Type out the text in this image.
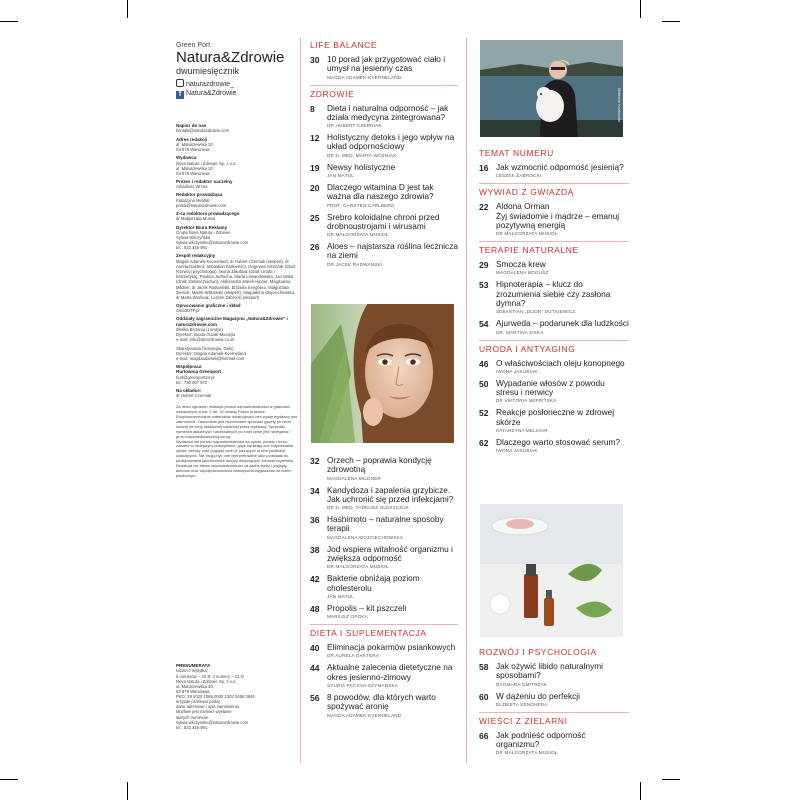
Green Port
Natura&Zdrowie
dwumiesięcznik
naturazdrowie_
f Natura&Zdrowie
Napisz do nas
kontakt@naturazdrowie.com
Adres redakcji
ul. Matuszewska 20
03-876 Warszawa
Wydawca
Nova Natura i Zdrowie Sp. z o.o.
ul. Matuszewska 20
03-876 Warszawa
Prezes i redaktor naczelny
Arkadiusz Wrzos
Redaktor prowadząca
Katarzyna Melihar
portal@naturazdrowie.com
Z-ca redaktora prowadzącego
dr Małgorzata Musioł
Dyrektor Biura Reklamy
Grupa Nova Natura i Zdrowie
Sylwia Wilczyńska
sylwia.wilczynska@naturazdrowie.com
tel.: 533 315 991
Zespół redakcyjny
Magda Adamek-Kverneland, dr Hubert Czerniak (ekspert), dr Aurela Daktera, Sebastian Dutkiewicz, Dagmara Gmitrzak (dział: Rozwój i psychologia), Iwona Jakubiak (dział: Uroda i kosmetyka), Paulina Jędrocha, Marta Lewandowska, Jan Matul (dział: Zielolecznictwo), Aleksandra Marek-Hipner, Magdalena Mildner, dr Jacek Radwański, Elżbieta Senghera, Małgorzata Zieniuk, Marek Witkowski (ekspert), Magdalena Wojciechowska, dr Marta Woźniak, Leszek Zabrocki (ekspert)
Opracowanie graficzne i skład
SmartDTP.pl
Oddziały zagraniczne Magazynu „Natura&Zdrowie” i naturazdrowie.com
Wielka Brytania (Londyn)
Dyrektor: Beata Guzak-Maciejia
e-mail: info@domzdrowia.co.uk
Skandynawia (Norwegia, Oslo)
Dyrektor: Magda Adamek-Kverneland
e-mail: magdaadamek@hotmail.com
Współpraca
Hurtownia Greenport
hurt@greenport24.pl
tel.: 730 007 872
Na okładce:
dr Hubert Czerniak
Za treści ogłoszeń redakcja ponosi odpowiedzialności w granicach wskazanych w ust. 2 art. 42 ustawy Prawo prasowe. Rozpowszechnianie materiałów redakcyjnych bez zgody wydawcy jest zabronione. Zabronione jest bezumowne sprzedaż gazety po cenie niższej od ceny detalicznej ustalonej przez wydawcę. Sprzedaż numerów aktualnych i archiwalnych po innej cenie jest nielegalna i grozi odpowiedzialnością karną.
Wydawca nie ponosi odpowiedzialności za opinie, porady i treści zawarte w niniejszym czasopiśmie, gdyż wyrażają one indywidualne opinie, wiedzę oraz poglądy osób je piszących w celu publikacji czasopisma. Nie mogą być one interpretowane jako podstawa do podejmowania jakichkolwiek decyzji dotyczących zdrowia czytelnika.
Redakcja nie bierze odpowiedzialności za żadne treści i poglądy autorów oraz współpracowników czasopisma wygłaszane na forum publicznym.
PRENUMERATA
razem z wysyłką:
6 numerów – 42 zł, 3 numery – 21 zł
Nova Natura i Zdrowie Sp. z o.o.
ul. Matuszewska 20,
03-876 Warszawa
PKO: 29 1020 1068 0000 1302 0466 3649
w tytule przelewu podaj
dane adresowe i opis zamówienia.
Możliwe jest również wysłanie
starych numerów.
sylwia.wilczynska@naturazdrowie.com
tel.: 533 315 991
LIFE BALANCE
30 10 porad jak przygotować ciało i umysł na jesienny czas
MAGDA ADAMEK-KVERNELAND
ZDROWIE
8	Dieta i naturalna odporność – jak działa medycyna zintegrowana?
DR HUBERT CZERNIAK
12 Holistyczny detoks i jego wpływ na układ odpornościowy
DR N. MED. MARTA WOŹNIAK
19 Newsy holistyczne
JAN MATUL
20 Dlaczego witamina D jest tak ważna dla naszego zdrowia?
PROF. CARSTEN CARLBERG
25 Srebro koloidalne chroni przed drobnoustrojami i wirusami
DR MAŁGORZATA MUSIOŁ
26 Aloes – najstarsza roślina lecznicza na ziemi
DR JACEK RADWAŃSKI
32 Orzech – poprawia kondycję zdrowotną
MAGDALENA MILDNER
34 Kandydoza i zapalenia grzybicze. Jak uchronić się przed infekcjami?
DR N. MED. TADEUSZ OLESZCZUK
36 Hashimoto – naturalne sposoby terapii
MAGDALENA WOJCIECHOWSKA
38 Jod wspiera witalność organizmu i zwiększa odporność
DR MAŁGORZATA MUSIOŁ
42 Bakterie obniżają poziom cholesterolu
JAN MATUL
48 Propolis – kit pszczeli
MARIUSZ OPOKA
DIETA I SUPLEMENTACJA
40 Eliminacja pokarmów psiankowych
DR AURELA DAKTERA
44 Aktualne zalecenia dietetyczne na okres jesienno-zimowy
SYLWIA PACYNA-SZYMAŃSKA
56 8 powodów, dla których warto spożywać aronię
MAGDA ADAMEK-KVERNELAND
Mateusz Kozłowski
TEMAT NUMERU
16 Jak wzmocnić odporność jesienią?
LESZEK ZABROCKI
WYWIAD Z GWIAZDĄ
22 Aldona Orman
Żyj świadomie i mądrze – emanuj pozytywną energią
DR MAŁGORZATA MUSIOŁ
TERAPIE NATURALNE
29 Smocza krew
MAGDALENA BOGUSZ
53 Hipnoterapia – klucz do zrozumienia siebie czy zasłona dymna?
SEBASTIAN „DIJON” DUTKIEWICZ
54 Ajurweda – podarunek dla ludzkości
DR. MARTINA ZISKA
URODA I ANTYAGING
46 O właściwościach oleju konopnego
IWONA JAKUBIAK
50 Wypadanie włosów z powodu stresu i nerwicy
DR VIKTORIA NEPRITSKA
52 Reakcje posłoneczne w zdrowej skórze
KATARZYNA MELIHAR
62 Dlaczego warto stosować serum?
IWONA JAKUBIAK
ROZWÓJ I PSYCHOLOGIA
58 Jak ożywić libido naturalnymi sposobami?
DAGMARA GMITRZAK
60 W dążeniu do perfekcji
ELŻBIETA SENGHERA
WIEŚCI Z ZIELARNI
66 Jak podnieść odporność organizmu?
DR MAŁGORZATA MUSIOŁ
